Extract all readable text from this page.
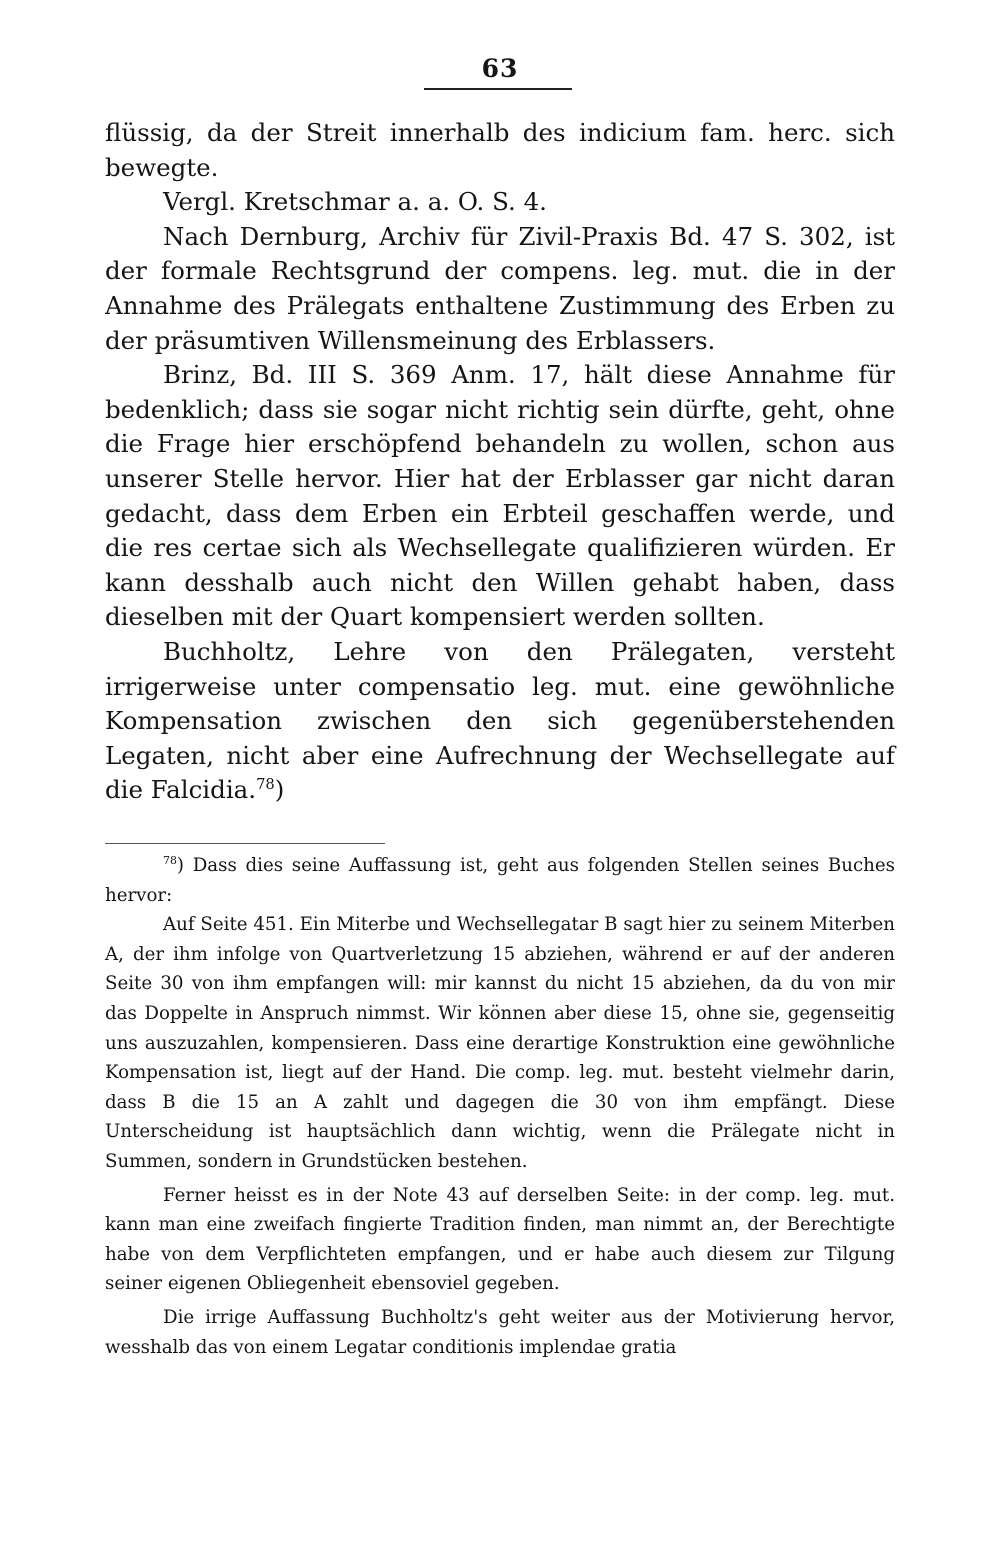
63

flüssig, da der Streit innerhalb des indicium fam. herc. sich bewegte.

Vergl. Kretschmar a. a. O. S. 4.

Nach Dernburg, Archiv für Zivil-Praxis Bd. 47 S. 302, ist der formale Rechtsgrund der compens. leg. mut. die in der Annahme des Prälegats enthaltene Zustimmung des Erben zu der präsumtiven Willensmeinung des Erblassers.

Brinz, Bd. III S. 369 Anm. 17, hält diese Annahme für bedenklich; dass sie sogar nicht richtig sein dürfte, geht, ohne die Frage hier erschöpfend behandeln zu wollen, schon aus unserer Stelle hervor. Hier hat der Erblasser gar nicht daran gedacht, dass dem Erben ein Erbteil geschaffen werde, und die res certae sich als Wechsellegate qualifizieren würden. Er kann desshalb auch nicht den Willen gehabt haben, dass dieselben mit der Quart kompensiert werden sollten.

Buchholtz, Lehre von den Prälegaten, versteht irrigerweise unter compensatio leg. mut. eine gewöhnliche Kompensation zwischen den sich gegenüberstehenden Legaten, nicht aber eine Aufrechnung der Wechsellegate auf die Falcidia.$^{78}$)

$^{78}$) Dass dies seine Auffassung ist, geht aus folgenden Stellen seines Buches hervor:

Auf Seite 451. Ein Miterbe und Wechsellegatar B sagt hier zu seinem Miterben A, der ihm infolge von Quartverletzung 15 abziehen, während er auf der anderen Seite 30 von ihm empfangen will: mir kannst du nicht 15 abziehen, da du von mir das Doppelte in Anspruch nimmst. Wir können aber diese 15, ohne sie, gegenseitig uns auszuzahlen, kompensieren. Dass eine derartige Konstruktion eine gewöhnliche Kompensation ist, liegt auf der Hand. Die comp. leg. mut. besteht vielmehr darin, dass B die 15 an A zahlt und dagegen die 30 von ihm empfängt. Diese Unterscheidung ist hauptsächlich dann wichtig, wenn die Prälegate nicht in Summen, sondern in Grundstücken bestehen.

Ferner heisst es in der Note 43 auf derselben Seite: in der comp. leg. mut. kann man eine zweifach fingierte Tradition finden, man nimmt an, der Berechtigte habe von dem Verpflichteten empfangen, und er habe auch diesem zur Tilgung seiner eigenen Obliegenheit ebensoviel gegeben.

Die irrige Auffassung Buchholtz's geht weiter aus der Motivierung hervor, wesshalb das von einem Legatar conditionis implendae gratia
